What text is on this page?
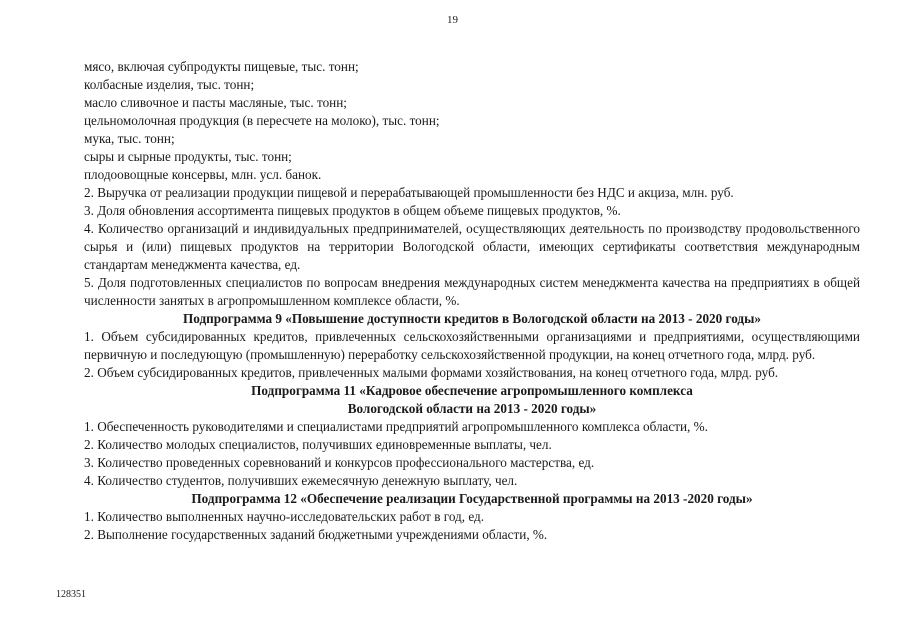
19

мясо, включая субпродукты пищевые, тыс. тонн;

колбасные изделия, тыс. тонн;

масло сливочное и пасты масляные, тыс. тонн;

цельномолочная продукция (в пересчете на молоко), тыс. тонн;

мука, тыс. тонн;

сыры и сырные продукты, тыс. тонн;

плодоовощные консервы, млн. усл. банок.

2. Выручка от реализации продукции пищевой и перерабатывающей промышленности без НДС и акциза, млн. руб.

3. Доля обновления ассортимента пищевых продуктов в общем объеме пищевых продуктов, %.

4. Количество организаций и индивидуальных предпринимателей, осуществляющих деятельность по производству продовольственного сырья и (или) пищевых продуктов на территории Вологодской области, имеющих сертификаты соответствия международным стандартам менеджмента качества, ед.

5. Доля подготовленных специалистов по вопросам внедрения международных систем менеджмента качества на предприятиях в общей численности занятых в агропромышленном комплексе области, %.

Подпрограмма 9 «Повышение доступности кредитов в Вологодской области на 2013 - 2020 годы»

1. Объем субсидированных кредитов, привлеченных сельскохозяйственными организациями и предприятиями, осуществляющими первичную и последующую (промышленную) переработку сельскохозяйственной продукции, на конец отчетного года, млрд. руб.

2. Объем субсидированных кредитов, привлеченных малыми формами хозяйствования, на конец отчетного года, млрд. руб.

Подпрограмма 11 «Кадровое обеспечение агропромышленного комплекса

Вологодской области на 2013 - 2020 годы»

1. Обеспеченность руководителями и специалистами предприятий агропромышленного комплекса области, %.

2. Количество молодых специалистов, получивших единовременные выплаты, чел.

3. Количество проведенных соревнований и конкурсов профессионального мастерства, ед.

4. Количество студентов, получивших ежемесячную денежную выплату, чел.

Подпрограмма 12 «Обеспечение реализации Государственной программы на 2013 -2020 годы»

1. Количество выполненных научно-исследовательских работ в год, ед.

2. Выполнение государственных заданий бюджетными учреждениями области, %.

128351
